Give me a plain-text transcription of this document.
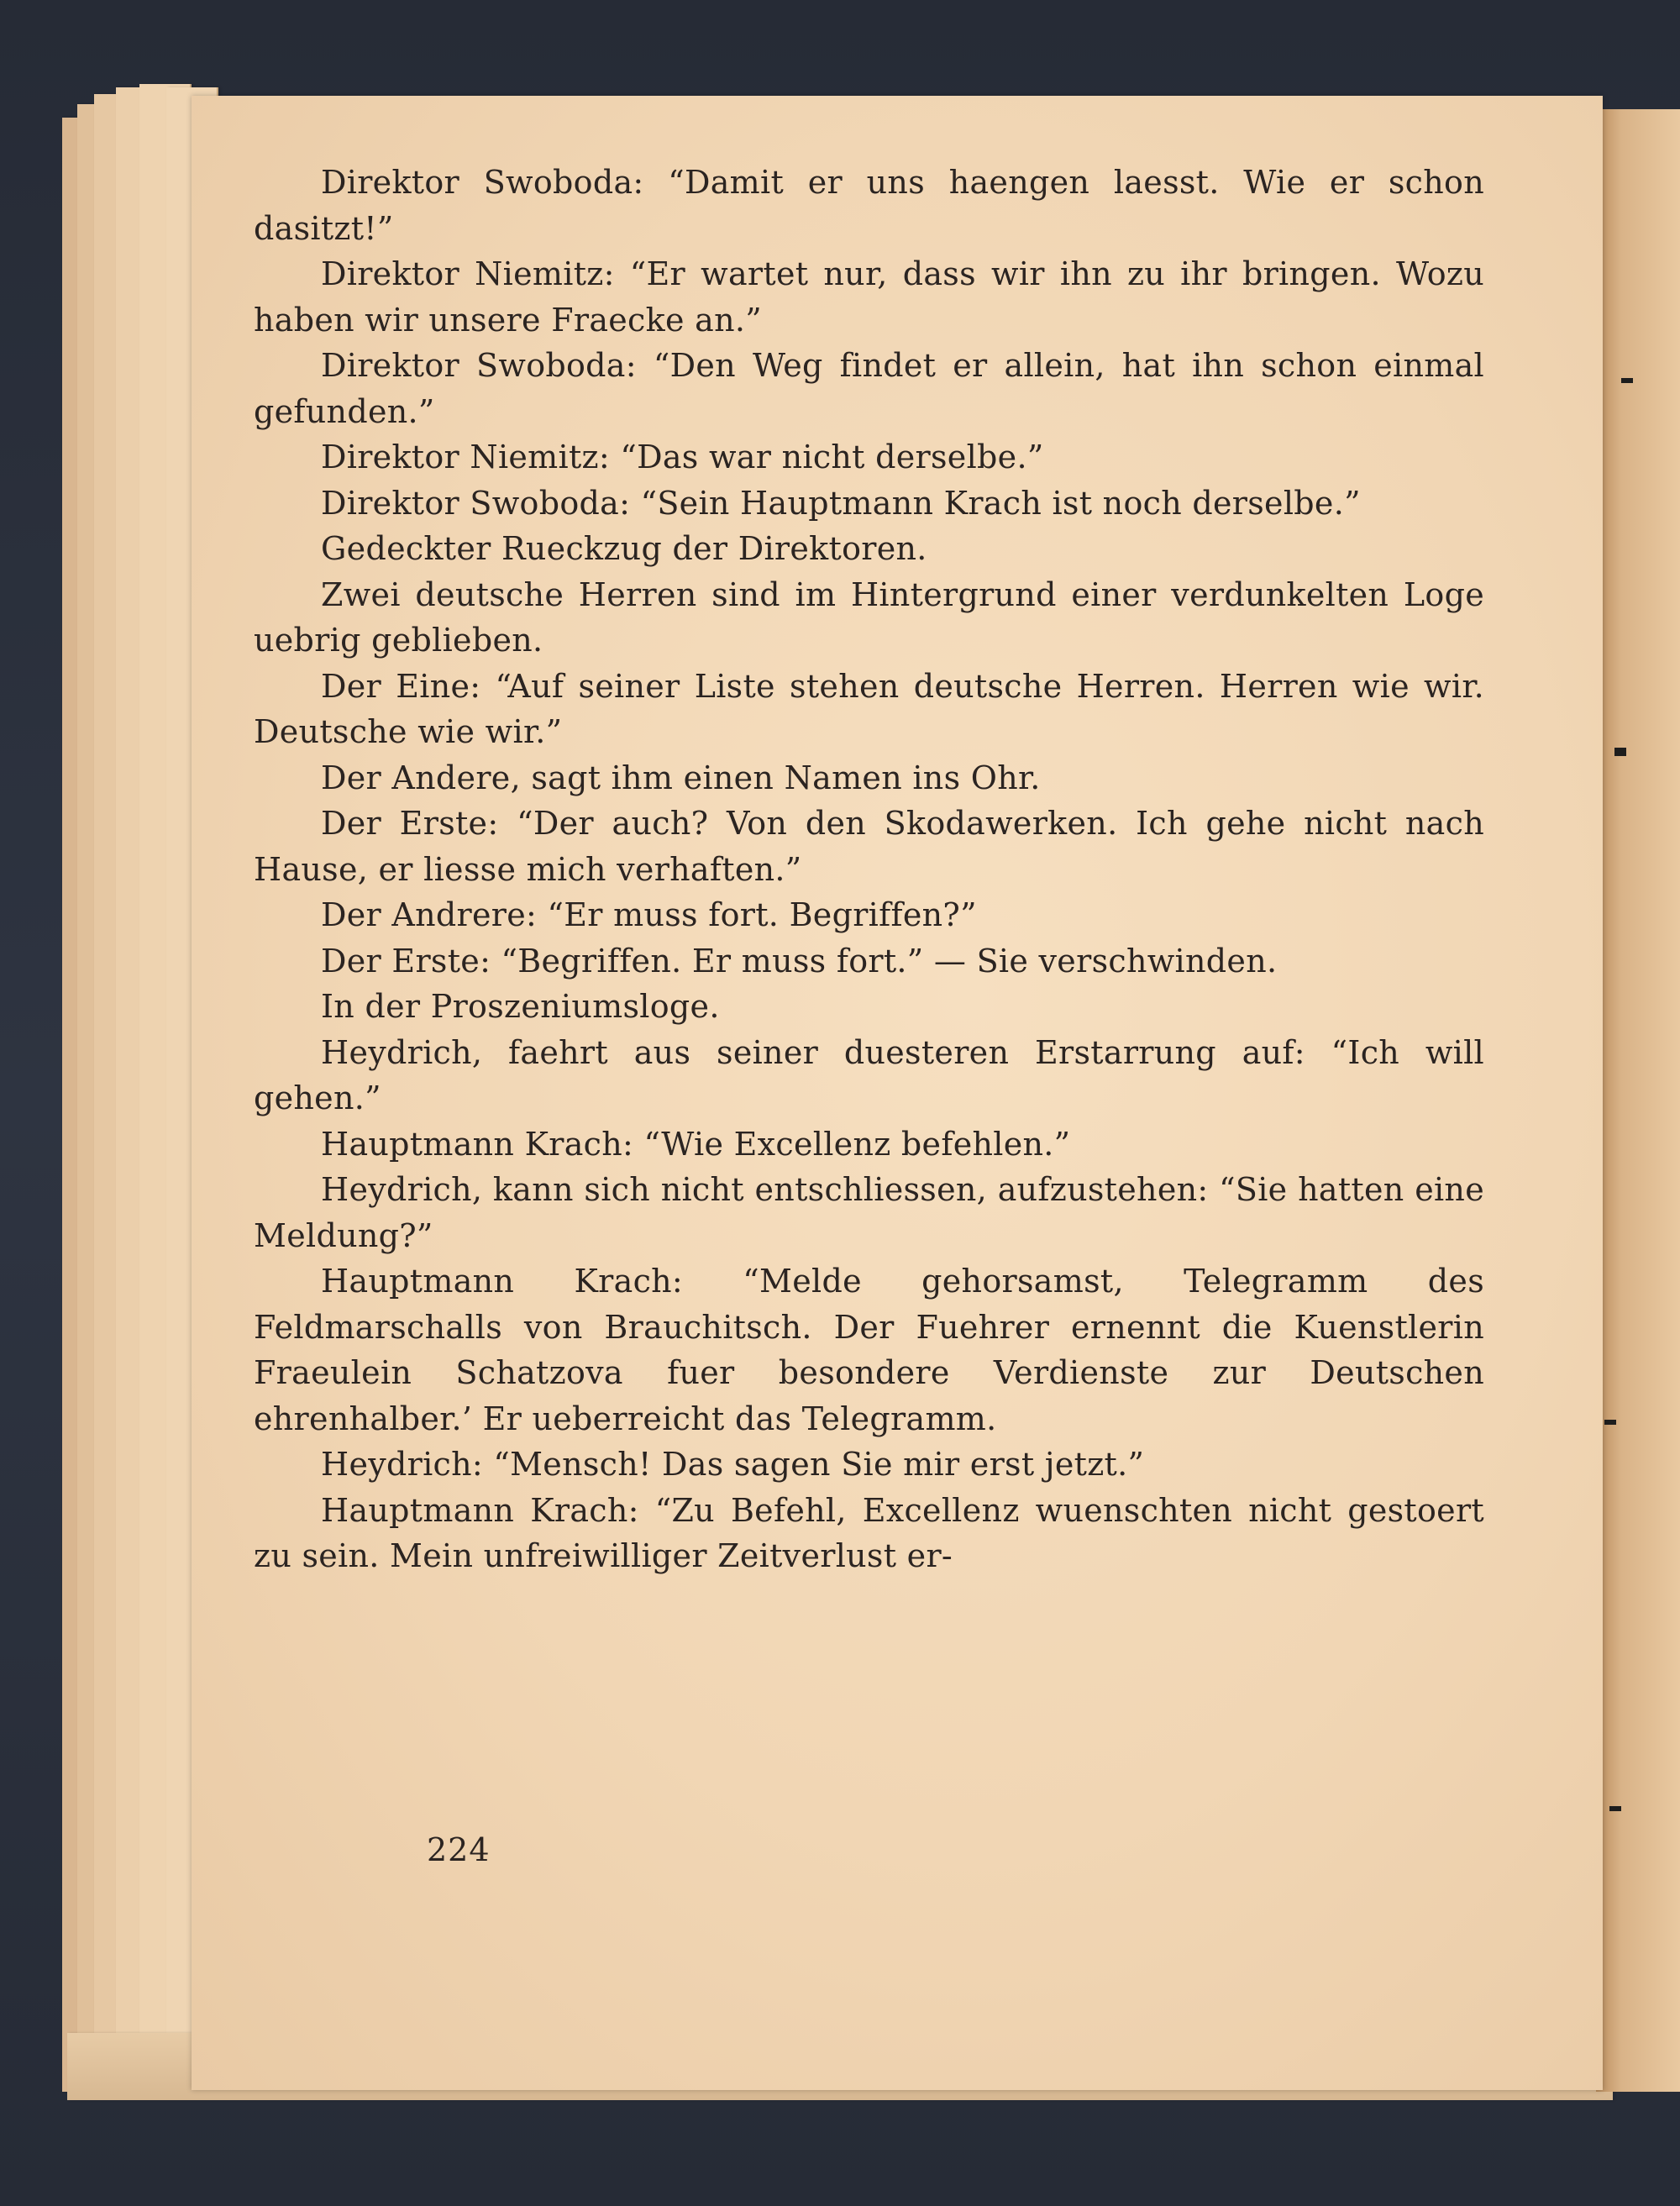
Direktor Swoboda: “Damit er uns haengen laesst. Wie er schon dasitzt!”

Direktor Niemitz: “Er wartet nur, dass wir ihn zu ihr bringen. Wozu haben wir unsere Fraecke an.”

Direktor Swoboda: “Den Weg findet er allein, hat ihn schon einmal gefunden.”

Direktor Niemitz: “Das war nicht derselbe.”

Direktor Swoboda: “Sein Hauptmann Krach ist noch derselbe.”

Gedeckter Rueckzug der Direktoren.

Zwei deutsche Herren sind im Hintergrund einer verdunkelten Loge uebrig geblieben.

Der Eine: “Auf seiner Liste stehen deutsche Herren. Herren wie wir. Deutsche wie wir.”

Der Andere, sagt ihm einen Namen ins Ohr.

Der Erste: “Der auch? Von den Skodawerken. Ich gehe nicht nach Hause, er liesse mich verhaften.”

Der Andrere: “Er muss fort. Begriffen?”

Der Erste: “Begriffen. Er muss fort.” — Sie verschwinden.

In der Proszeniumsloge.

Heydrich, faehrt aus seiner duesteren Erstarrung auf: “Ich will gehen.”

Hauptmann Krach: “Wie Excellenz befehlen.”

Heydrich, kann sich nicht entschliessen, aufzustehen: “Sie hatten eine Meldung?”

Hauptmann Krach: “Melde gehorsamst, Telegramm des Feldmarschalls von Brauchitsch. Der Fuehrer ernennt die Kuenstlerin Fraeulein Schatzova fuer besondere Verdienste zur Deutschen ehrenhalber.’ Er ueberreicht das Telegramm.

Heydrich: “Mensch! Das sagen Sie mir erst jetzt.”

Hauptmann Krach: “Zu Befehl, Excellenz wuenschten nicht gestoert zu sein. Mein unfreiwilliger Zeitverlust er-

224
